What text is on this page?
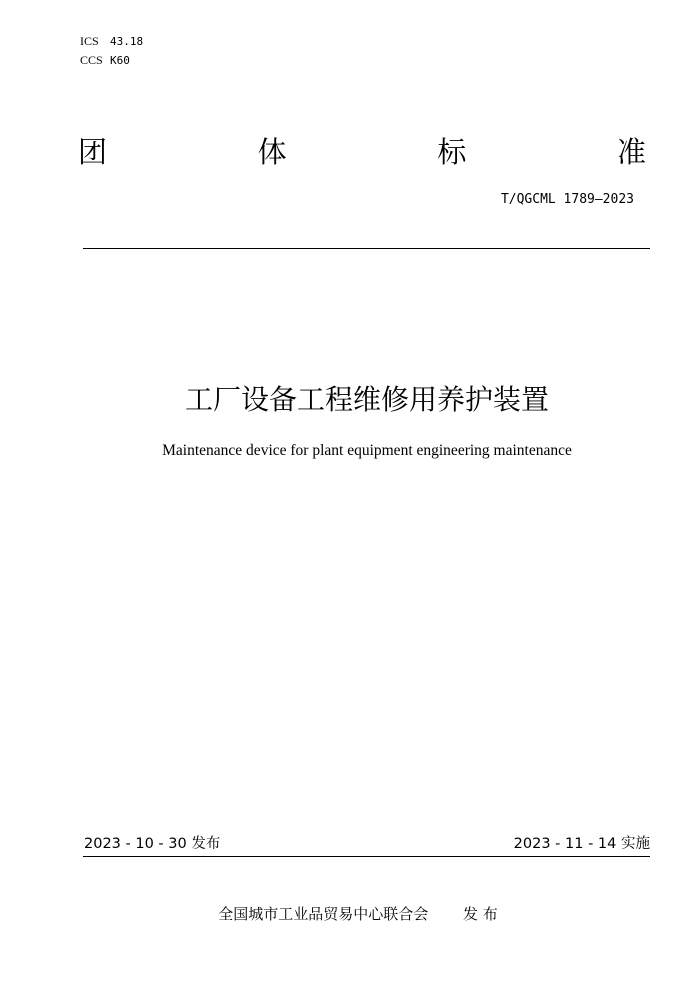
ICS	43.18
CCS K60
团	体	标	准
T/QGCML 1789—2023
工厂设备工程维修用养护装置
Maintenance device for plant equipment engineering maintenance
2023 - 10 - 30 发布	2023 - 11 - 14 实施
全国城市工业品贸易中心联合会 发 布
